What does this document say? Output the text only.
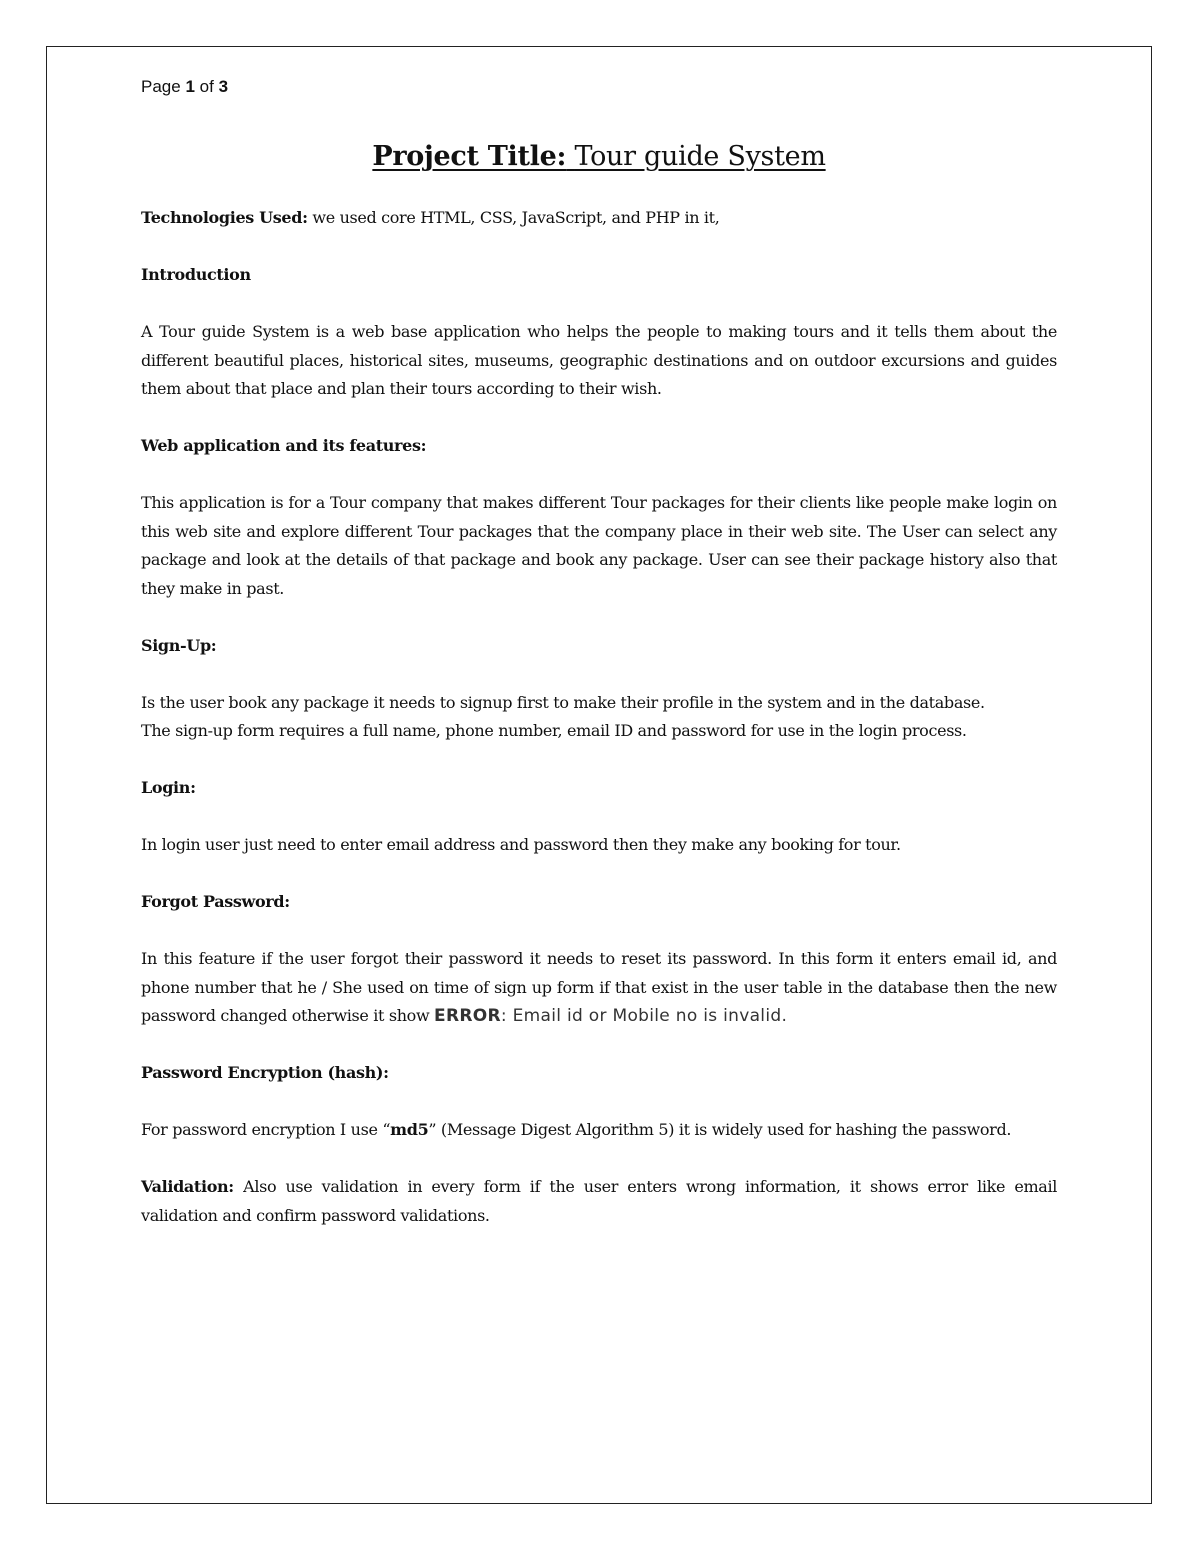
Page 1 of 3
Project Title: Tour guide System

Technologies Used: we used core HTML, CSS, JavaScript, and PHP in it,

Introduction

A Tour guide System is a web base application who helps the people to making tours and it tells them about the different beautiful places, historical sites, museums, geographic destinations and on outdoor excursions and guides them about that place and plan their tours according to their wish.

Web application and its features:

This application is for a Tour company that makes different Tour packages for their clients like people make login on this web site and explore different Tour packages that the company place in their web site. The User can select any package and look at the details of that package and book any package. User can see their package history also that they make in past.

Sign-Up:

Is the user book any package it needs to signup first to make their profile in the system and in the database.

The sign-up form requires a full name, phone number, email ID and password for use in the login process.

Login:

In login user just need to enter email address and password then they make any booking for tour.

Forgot Password:

In this feature if the user forgot their password it needs to reset its password. In this form it enters email id, and phone number that he / She used on time of sign up form if that exist in the user table in the database then the new password changed otherwise it show ERROR: Email id or Mobile no is invalid.

Password Encryption (hash):

For password encryption I use “md5” (Message Digest Algorithm 5) it is widely used for hashing the password.

Validation: Also use validation in every form if the user enters wrong information, it shows error like email validation and confirm password validations.
